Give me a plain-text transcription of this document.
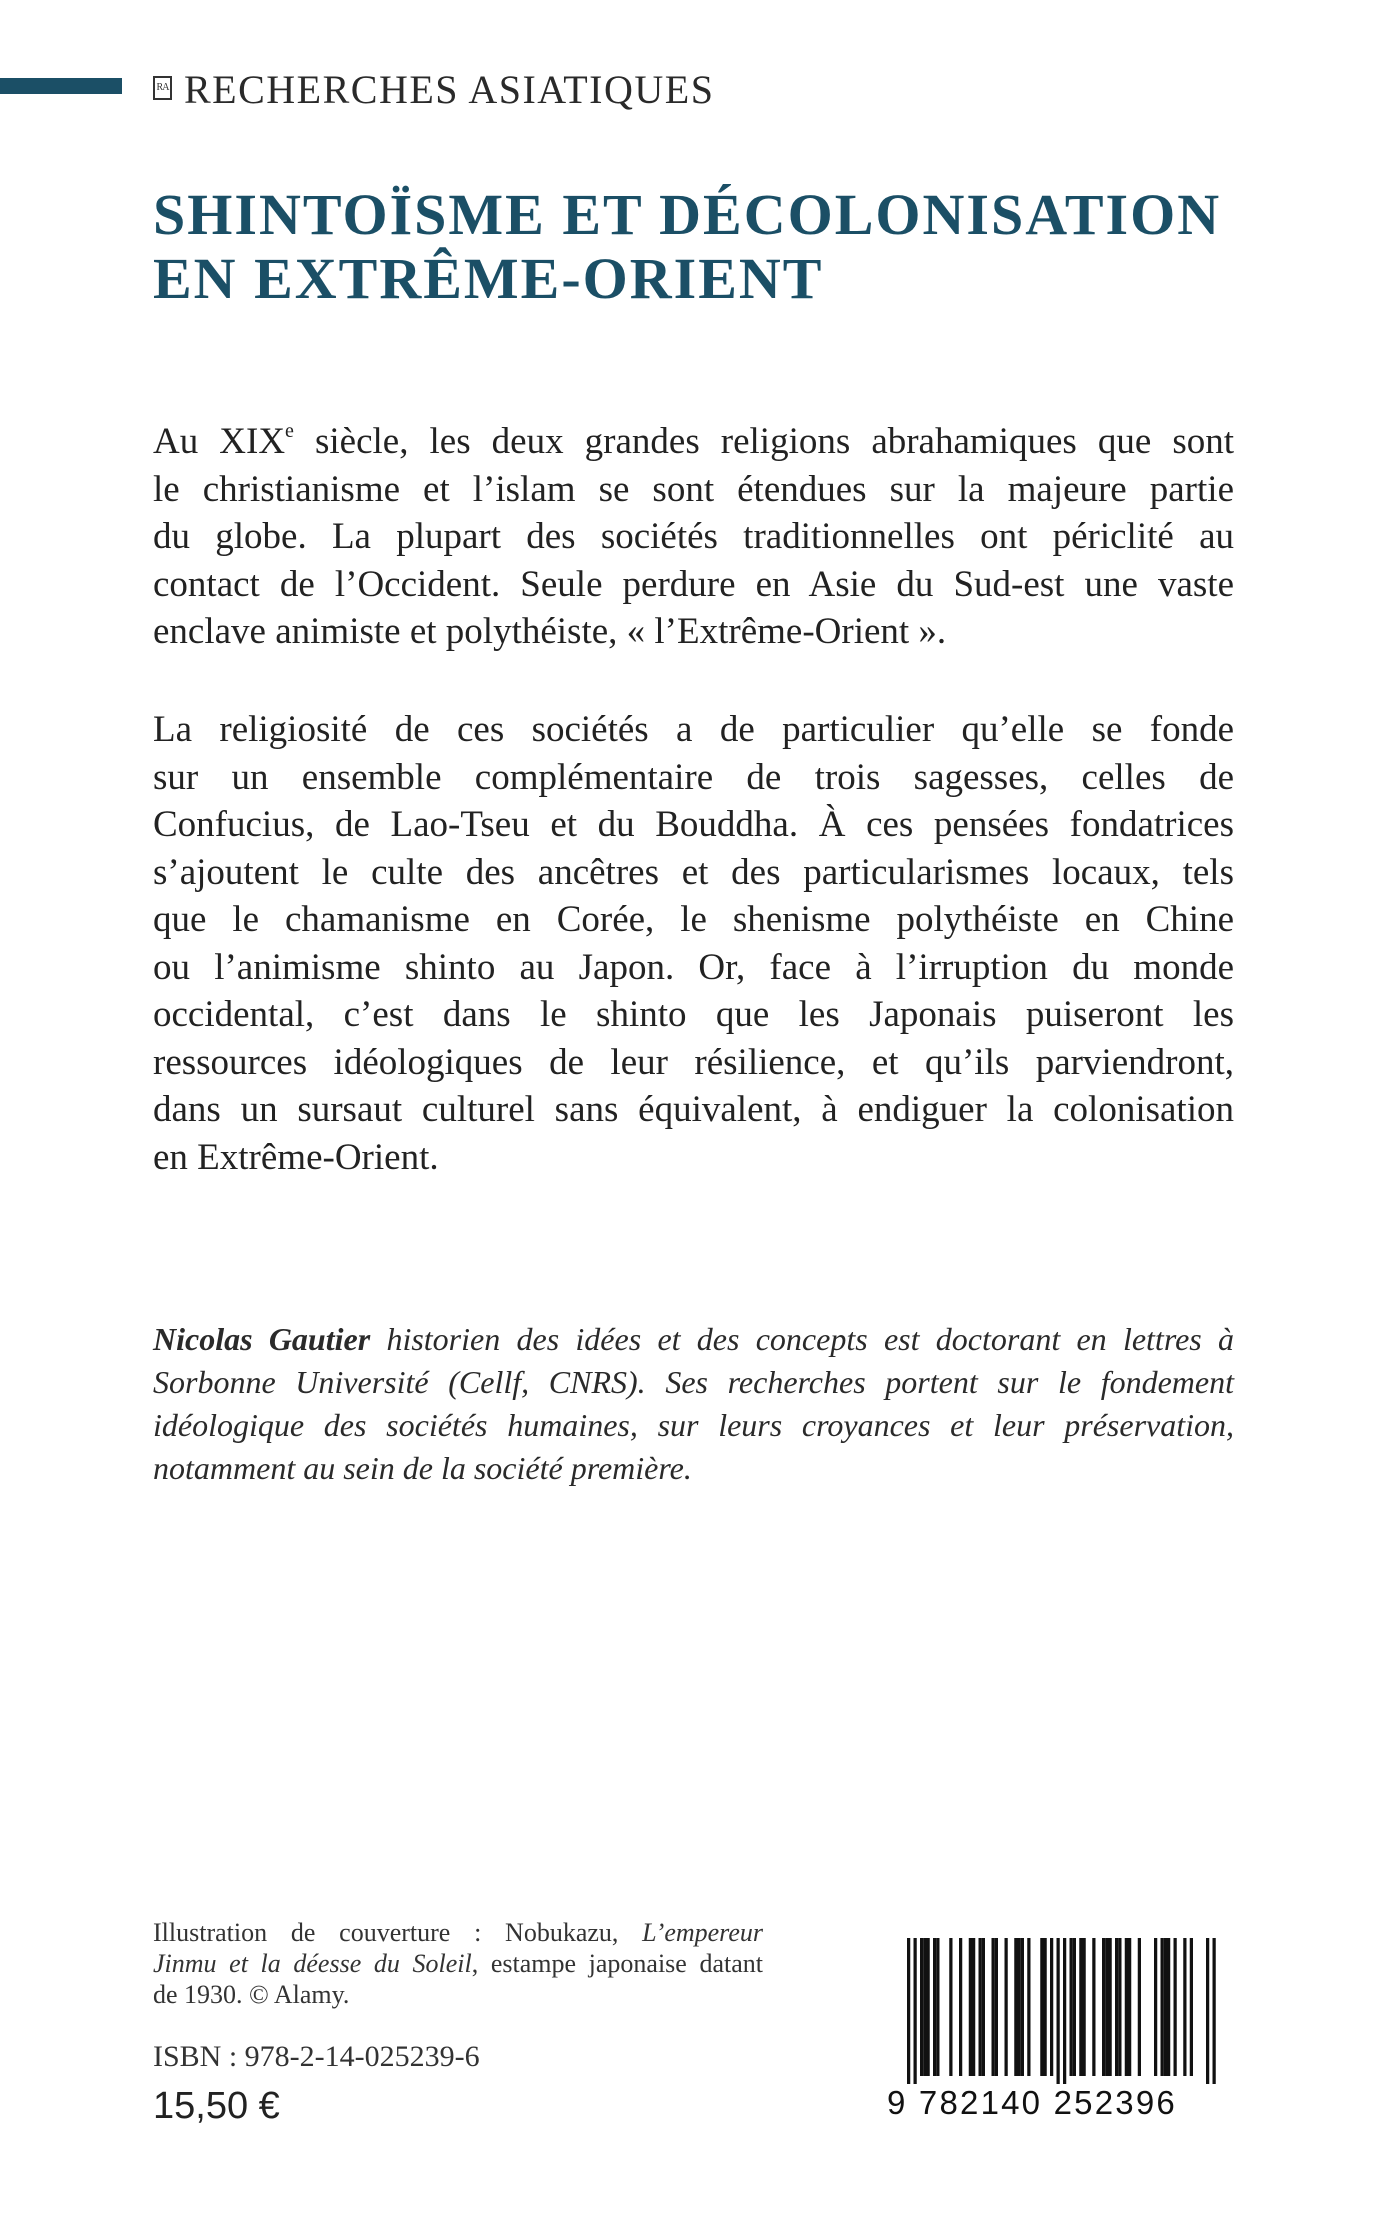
RA RECHERCHES ASIATIQUES
SHINTOÏSME ET DÉCOLONISATION
EN EXTRÊME-ORIENT

Au XIXe siècle, les deux grandes religions abrahamiques que sont
le christianisme et l’islam se sont étendues sur la majeure partie
du globe. La plupart des sociétés traditionnelles ont périclité au
contact de l’Occident. Seule perdure en Asie du Sud-est une vaste
enclave animiste et polythéiste, « l’Extrême-Orient ».

La religiosité de ces sociétés a de particulier qu’elle se fonde
sur un ensemble complémentaire de trois sagesses, celles de
Confucius, de Lao-Tseu et du Bouddha. À ces pensées fondatrices
s’ajoutent le culte des ancêtres et des particularismes locaux, tels
que le chamanisme en Corée, le shenisme polythéiste en Chine
ou l’animisme shinto au Japon. Or, face à l’irruption du monde
occidental, c’est dans le shinto que les Japonais puiseront les
ressources idéologiques de leur résilience, et qu’ils parviendront,
dans un sursaut culturel sans équivalent, à endiguer la colonisation
en Extrême-Orient.

Nicolas Gautier historien des idées et des concepts est doctorant en lettres à
Sorbonne Université (Cellf, CNRS). Ses recherches portent sur le fondement
idéologique des sociétés humaines, sur leurs croyances et leur préservation,
notamment au sein de la société première.

Illustration de couverture : Nobukazu, L’empereur
Jinmu et la déesse du Soleil, estampe japonaise datant
de 1930. © Alamy.

ISBN : 978-2-14-025239-6
15,50 €	9 782140 252396
